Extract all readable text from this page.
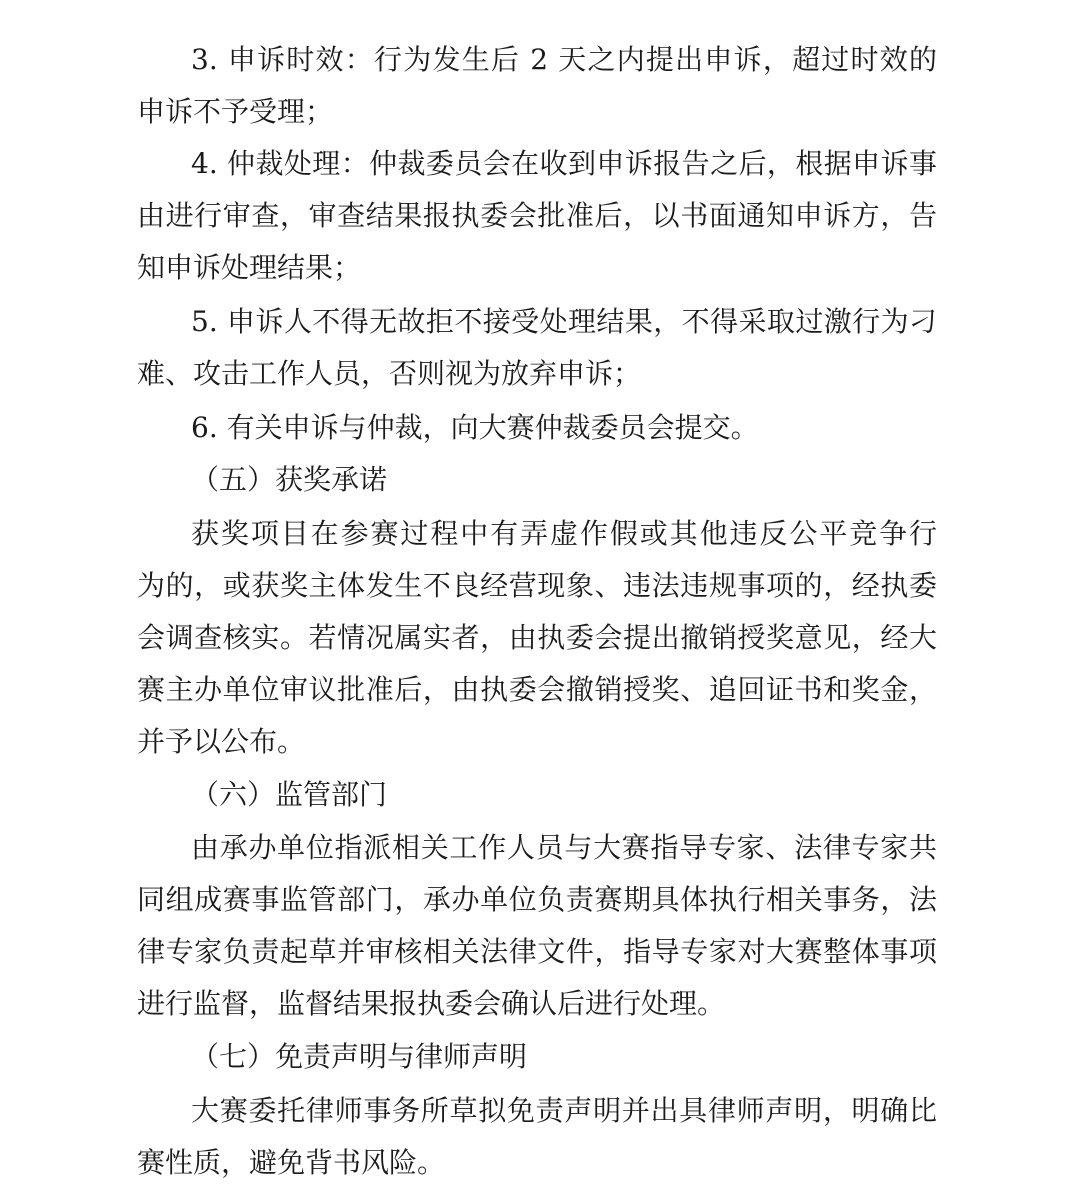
3. 申诉时效：行为发生后 2 天之内提出申诉，超过时效的
申诉不予受理；
4. 仲裁处理：仲裁委员会在收到申诉报告之后，根据申诉事
由进行审查，审查结果报执委会批准后，以书面通知申诉方，告
知申诉处理结果；
5. 申诉人不得无故拒不接受处理结果，不得采取过激行为刁
难、攻击工作人员，否则视为放弃申诉；
6. 有关申诉与仲裁，向大赛仲裁委员会提交。
（五）获奖承诺
获奖项目在参赛过程中有弄虚作假或其他违反公平竞争行
为的，或获奖主体发生不良经营现象、违法违规事项的，经执委
会调查核实。若情况属实者，由执委会提出撤销授奖意见，经大
赛主办单位审议批准后，由执委会撤销授奖、追回证书和奖金，
并予以公布。
（六）监管部门
由承办单位指派相关工作人员与大赛指导专家、法律专家共
同组成赛事监管部门，承办单位负责赛期具体执行相关事务，法
律专家负责起草并审核相关法律文件，指导专家对大赛整体事项
进行监督，监督结果报执委会确认后进行处理。
（七）免责声明与律师声明
大赛委托律师事务所草拟免责声明并出具律师声明，明确比
赛性质，避免背书风险。
